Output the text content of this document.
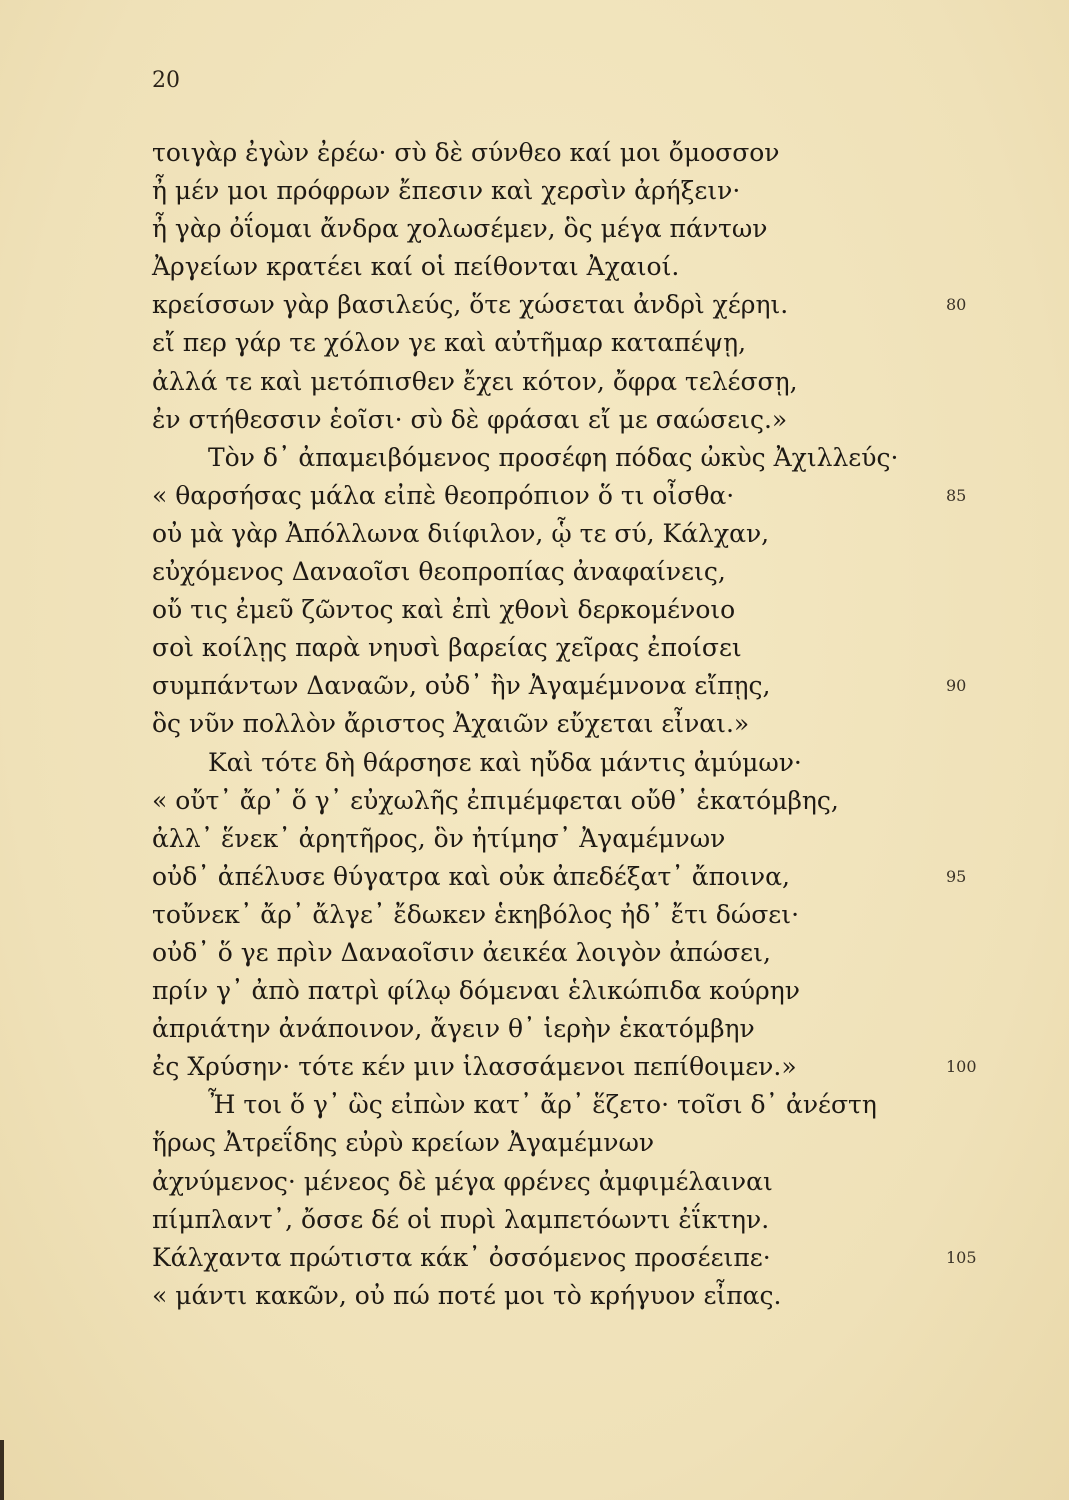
20
τοιγὰρ ἐγὼν ἐρέω· σὺ δὲ σύνθεο καί μοι ὄμοσσον
ἦ μέν μοι πρόφρων ἔπεσιν καὶ χερσὶν ἀρήξειν·
ἦ γὰρ ὀΐομαι ἄνδρα χολωσέμεν, ὃς μέγα πάντων
Ἀργείων κρατέει καί οἱ πείθονται Ἀχαιοί.
κρείσσων γὰρ βασιλεύς, ὅτε χώσεται ἀνδρὶ χέρηι.	80
εἴ περ γάρ τε χόλον γε καὶ αὐτῆμαρ καταπέψῃ,
ἀλλά τε καὶ μετόπισθεν ἔχει κότον, ὄφρα τελέσσῃ,
ἐν στήθεσσιν ἑοῖσι· σὺ δὲ φράσαι εἴ με σαώσεις.»
Τὸν δ᾽ ἀπαμειβόμενος προσέφη πόδας ὠκὺς Ἀχιλλεύς·
« θαρσήσας μάλα εἰπὲ θεοπρόπιον ὅ τι οἶσθα·	85
οὐ μὰ γὰρ Ἀπόλλωνα διίφιλον, ᾧ τε σύ, Κάλχαν,
εὐχόμενος Δαναοῖσι θεοπροπίας ἀναφαίνεις,
οὔ τις ἐμεῦ ζῶντος καὶ ἐπὶ χθονὶ δερκομένοιο
σοὶ κοίλῃς παρὰ νηυσὶ βαρείας χεῖρας ἐποίσει
συμπάντων Δαναῶν, οὐδ᾽ ἢν Ἀγαμέμνονα εἴπῃς,	90
ὃς νῦν πολλὸν ἄριστος Ἀχαιῶν εὔχεται εἶναι.»
Καὶ τότε δὴ θάρσησε καὶ ηὔδα μάντις ἀμύμων·
« οὔτ᾽ ἄρ᾽ ὅ γ᾽ εὐχωλῆς ἐπιμέμφεται οὔθ᾽ ἑκατόμβης,
ἀλλ᾽ ἕνεκ᾽ ἀρητῆρος, ὃν ἠτίμησ᾽ Ἀγαμέμνων
οὐδ᾽ ἀπέλυσε θύγατρα καὶ οὐκ ἀπεδέξατ᾽ ἄποινα,	95
τοὔνεκ᾽ ἄρ᾽ ἄλγε᾽ ἔδωκεν ἑκηβόλος ἠδ᾽ ἔτι δώσει·
οὐδ᾽ ὅ γε πρὶν Δαναοῖσιν ἀεικέα λοιγὸν ἀπώσει,
πρίν γ᾽ ἀπὸ πατρὶ φίλῳ δόμεναι ἑλικώπιδα κούρην
ἀπριάτην ἀνάποινον, ἄγειν θ᾽ ἱερὴν ἑκατόμβην
ἐς Χρύσην· τότε κέν μιν ἱλασσάμενοι πεπίθοιμεν.»	100
Ἦ τοι ὅ γ᾽ ὣς εἰπὼν κατ᾽ ἄρ᾽ ἕζετο· τοῖσι δ᾽ ἀνέστη
ἥρως Ἀτρεΐδης εὐρὺ κρείων Ἀγαμέμνων
ἀχνύμενος· μένεος δὲ μέγα φρένες ἀμφιμέλαιναι
πίμπλαντ᾽, ὄσσε δέ οἱ πυρὶ λαμπετόωντι ἐΐκτην.
Κάλχαντα πρώτιστα κάκ᾽ ὀσσόμενος προσέειπε·	105
« μάντι κακῶν, οὐ πώ ποτέ μοι τὸ κρήγυον εἶπας.
